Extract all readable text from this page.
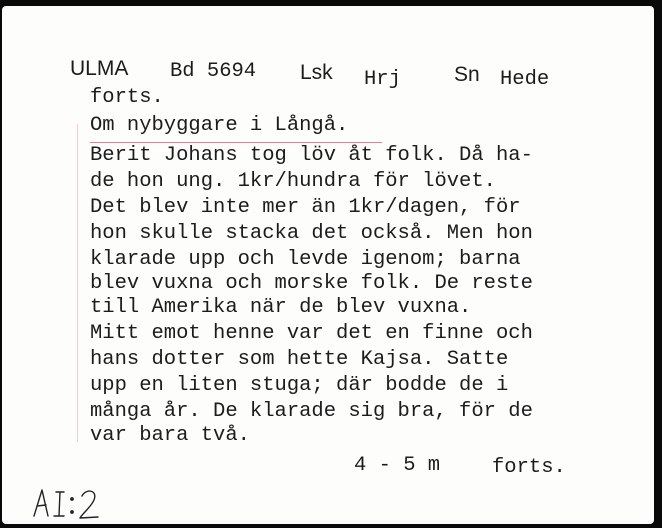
ULMA Bd 5694 Lsk Hrj	Sn Hede
forts.
Om nybyggare i Långå.
Berit Johans tog löv åt folk. Då ha-
de hon ung. 1kr/hundra för lövet.
Det blev inte mer än 1kr/dagen, för
hon skulle stacka det också. Men hon
klarade upp och levde igenom; barna
blev vuxna och morske folk. De reste
till Amerika när de blev vuxna.
Mitt emot henne var det en finne och
hans dotter som hette Kajsa. Satte
upp en liten stuga; där bodde de i
många år. De klarade sig bra, för de
var bara två.
4 - 5 m	forts.
